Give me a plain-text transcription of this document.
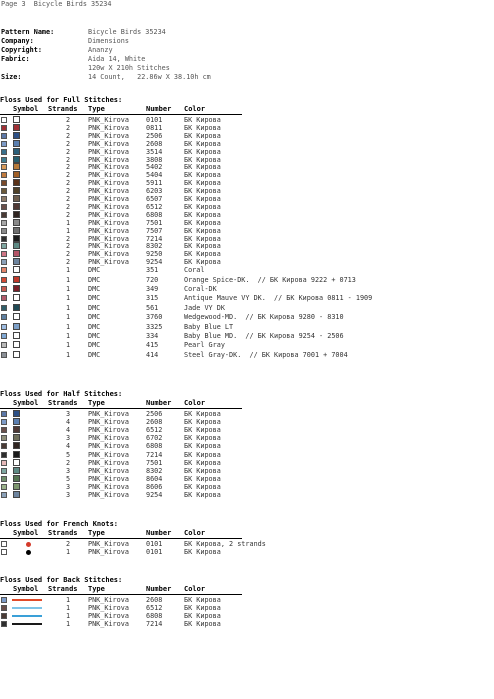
Page 3  Bicycle Birds 35234
Pattern Name:	Bicycle Birds 35234
Company:	Dimensions
Copyright:	Ananzy
Fabric:	Aida 14, White
120w X 210h Stitches
Size:	14 Count,   22.86w X 38.10h cm
Floss Used for Full Stitches:
Symbol Strands Type	Number Color
2	PNK_Kirova	0101	БК Кирова
2	PNK_Kirova	0811	БК Кирова
2	PNK_Kirova	2506	БК Кирова
2	PNK_Kirova	2608	БК Кирова
2	PNK_Kirova	3514	БК Кирова
2	PNK_Kirova	3808	БК Кирова
2	PNK_Kirova	5402	БК Кирова
2	PNK_Kirova	5404	БК Кирова
2	PNK_Kirova	5911	БК Кирова
2	PNK_Kirova	6203	БК Кирова
2	PNK_Kirova	6507	БК Кирова
2	PNK_Kirova	6512	БК Кирова
2	PNK_Kirova	6808	БК Кирова
1	PNK_Kirova	7501	БК Кирова
1	PNK_Kirova	7507	БК Кирова
2	PNK_Kirova	7214	БК Кирова
2	PNK_Kirova	8302	БК Кирова
2	PNK_Kirova	9250	БК Кирова
2	PNK_Kirova	9254	БК Кирова
1	DMC	351	Coral
1	DMC	720	Orange Spice-DK.  // БК Кирова 9222 + 0713
1	DMC	349	Coral-DK
1	DMC	315	Antique Mauve VY DK.  // БК Кирова 0811 - 1909
1	DMC	561	Jade VY DK
1	DMC	3760	Wedgewood-MD.  // БК Кирова 9280 - 8310
1	DMC	3325	Baby Blue LT
1	DMC	334	Baby Blue MD.  // БК Кирова 9254 - 2506
1	DMC	415	Pearl Gray
1	DMC	414	Steel Gray-DK.  // БК Кирова 7001 + 7004
Floss Used for Half Stitches:
Symbol Strands Type	Number Color
3	PNK_Kirova	2506	БК Кирова
4	PNK_Kirova	2608	БК Кирова
4	PNK_Kirova	6512	БК Кирова
3	PNK_Kirova	6702	БК Кирова
4	PNK_Kirova	6808	БК Кирова
5	PNK_Kirova	7214	БК Кирова
2	PNK_Kirova	7501	БК Кирова
3	PNK_Kirova	8302	БК Кирова
5	PNK_Kirova	8604	БК Кирова
3	PNK_Kirova	8606	БК Кирова
3	PNK_Kirova	9254	БК Кирова
Floss Used for French Knots:
Symbol Strands Type	Number Color
2	PNK_Kirova	0101	БК Кирова, 2 strands
1	PNK_Kirova	0101	БК Кирова
Floss Used for Back Stitches:
Symbol Strands Type	Number Color
1	PNK_Kirova	2608	БК Кирова
1	PNK_Kirova	6512	БК Кирова
1	PNK_Kirova	6808	БК Кирова
1	PNK_Kirova	7214	БК Кирова
